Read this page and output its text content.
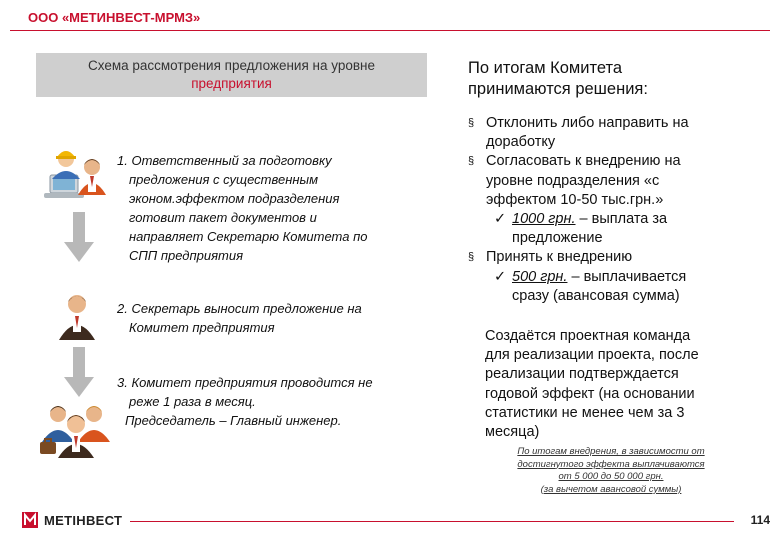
ООО «МЕТИНВЕСТ-МРМЗ»
Схема рассмотрения предложения на уровне
предприятия
По итогам Комитета
принимаются решения:
1. Ответственный за подготовку
предложения с существенным
эконом.эффектом подразделения
готовит пакет документов и
направляет Секретарю Комитета по
СПП предприятия
2. Секретарь выносит предложение на
Комитет предприятия
3. Комитет предприятия проводится не
реже 1 раза в месяц.
Председатель – Главный инженер.
§ Отклонить либо направить на
доработку
§ Согласовать к внедрению на
уровне подразделения «с
эффектом 10-50 тыс.грн.»
✓ 1000 грн. – выплата за
предложение
§ Принять к внедрению
✓ 500 грн. – выплачивается
сразу (авансовая сумма)
Создаётся проектная команда
для реализации проекта, после
реализации подтверждается
годовой эффект (на основании
статистики не менее чем за 3
месяца)
По итогам внедрения, в зависимости от
достигнутого эффекта выплачиваются
от 5 000 до 50 000 грн.
(за вычетом авансовой суммы)
МЕТІНВЕСТ	114
